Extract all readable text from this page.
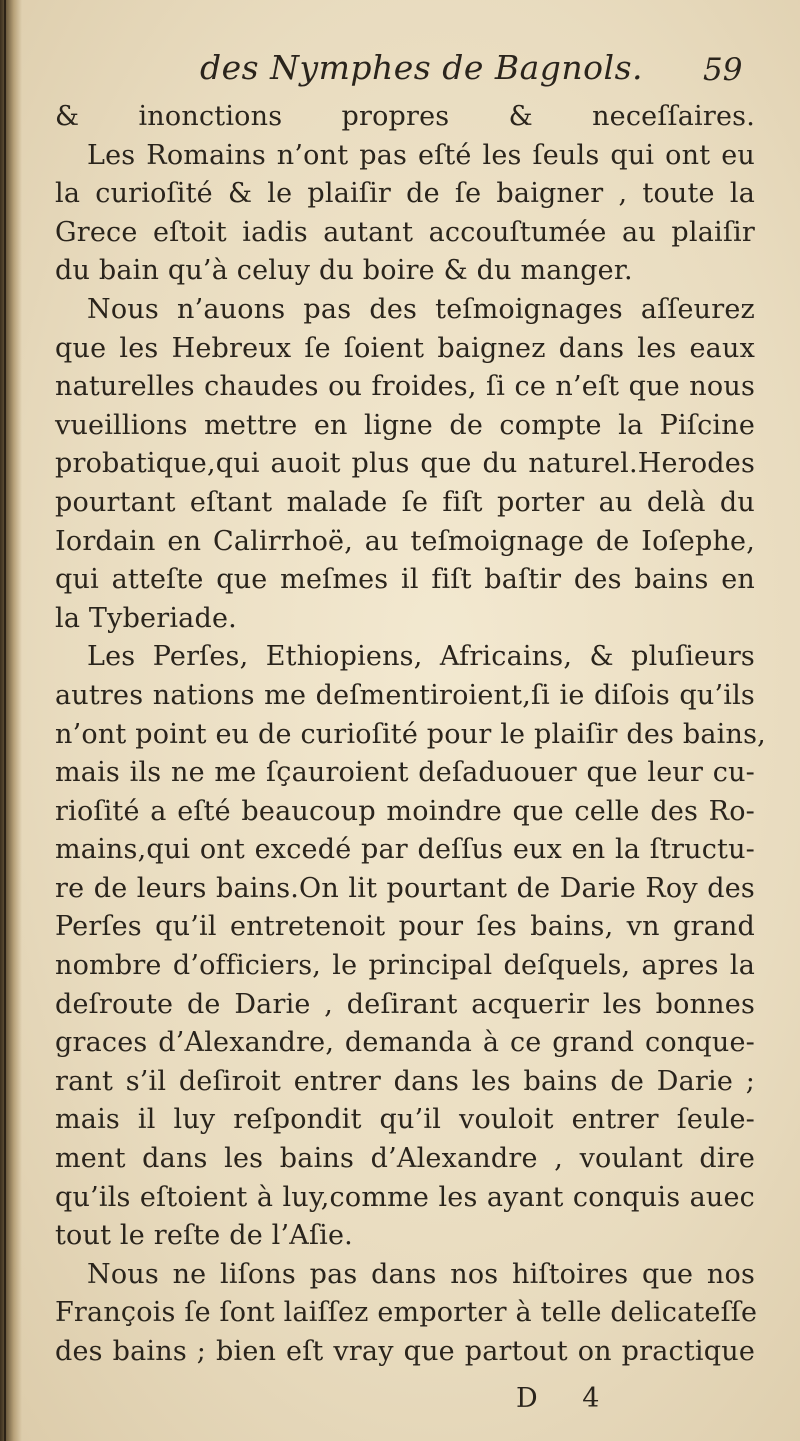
des Nymphes de Bagnols. 59
& inonctions propres & neceſſaires.
Les Romains n’ont pas eſté les ſeuls qui ont eu
la curioſité & le plaiſir de ſe baigner , toute la
Grece eſtoit iadis autant accouſtumée au plaiſir
du bain qu’à celuy du boire & du manger.
Nous n’auons pas des teſmoignages aſſeurez
que les Hebreux ſe ſoient baignez dans les eaux
naturelles chaudes ou froides, ſi ce n’eſt que nous
vueillions mettre en ligne de compte la Piſcine
probatique,qui auoit plus que du naturel.Herodes
pourtant eſtant malade ſe fiſt porter au delà du
Iordain en Calirrhoë, au teſmoignage de Ioſephe,
qui atteſte que meſmes il fiſt baſtir des bains en
la Tyberiade.
Les Perſes, Ethiopiens, Africains, & pluſieurs
autres nations me deſmentiroient,ſi ie diſois qu’ils
n’ont point eu de curioſité pour le plaiſir des bains,
mais ils ne me ſçauroient deſaduouer que leur cu-
rioſité a eſté beaucoup moindre que celle des Ro-
mains,qui ont excedé par deſſus eux en la ſtructu-
re de leurs bains.On lit pourtant de Darie Roy des
Perſes qu’il entretenoit pour ſes bains, vn grand
nombre d’officiers, le principal deſquels, apres la
deſroute de Darie , deſirant acquerir les bonnes
graces d’Alexandre, demanda à ce grand conque-
rant s’il deſiroit entrer dans les bains de Darie ;
mais il luy reſpondit qu’il vouloit entrer ſeule-
ment dans les bains d’Alexandre , voulant dire
qu’ils eſtoient à luy,comme les ayant conquis auec
tout le reſte de l’Aſie.
Nous ne liſons pas dans nos hiſtoires que nos
François ſe ſont laiſſez emporter à telle delicateſſe
des bains ; bien eſt vray que partout on practique
D 4
